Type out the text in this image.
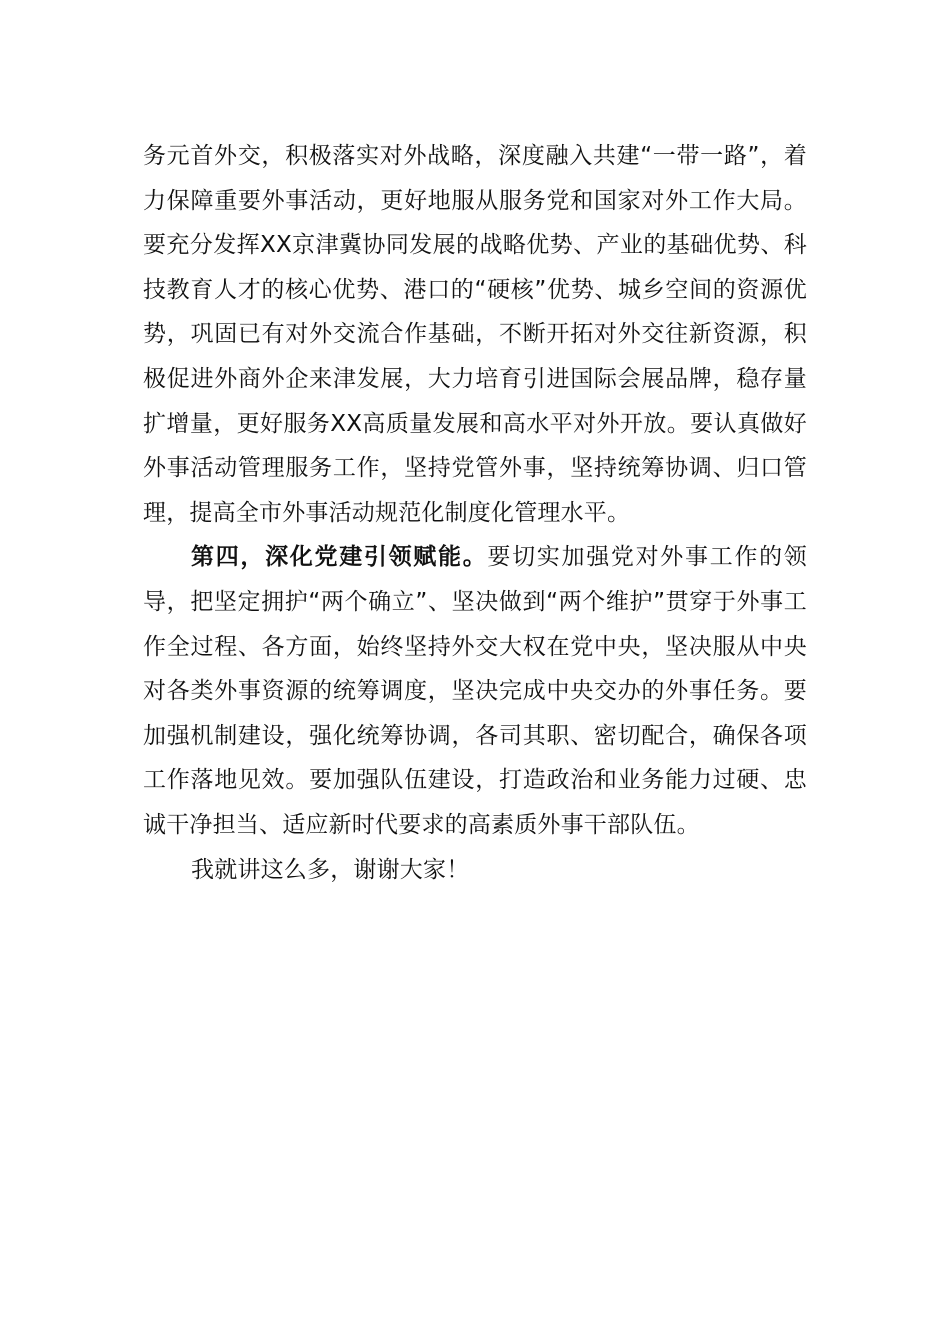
务元首外交，积极落实对外战略，深度融入共建“一带一路”，着力保障重要外事活动，更好地服从服务党和国家对外工作大局。要充分发挥XX京津冀协同发展的战略优势、产业的基础优势、科技教育人才的核心优势、港口的“硬核”优势、城乡空间的资源优势，巩固已有对外交流合作基础，不断开拓对外交往新资源，积极促进外商外企来津发展，大力培育引进国际会展品牌，稳存量扩增量，更好服务XX高质量发展和高水平对外开放。要认真做好外事活动管理服务工作，坚持党管外事，坚持统筹协调、归口管理，提高全市外事活动规范化制度化管理水平。

第四，深化党建引领赋能。要切实加强党对外事工作的领导，把坚定拥护“两个确立”、坚决做到“两个维护”贯穿于外事工作全过程、各方面，始终坚持外交大权在党中央，坚决服从中央对各类外事资源的统筹调度，坚决完成中央交办的外事任务。要加强机制建设，强化统筹协调，各司其职、密切配合，确保各项工作落地见效。要加强队伍建设，打造政治和业务能力过硬、忠诚干净担当、适应新时代要求的高素质外事干部队伍。

我就讲这么多，谢谢大家！
